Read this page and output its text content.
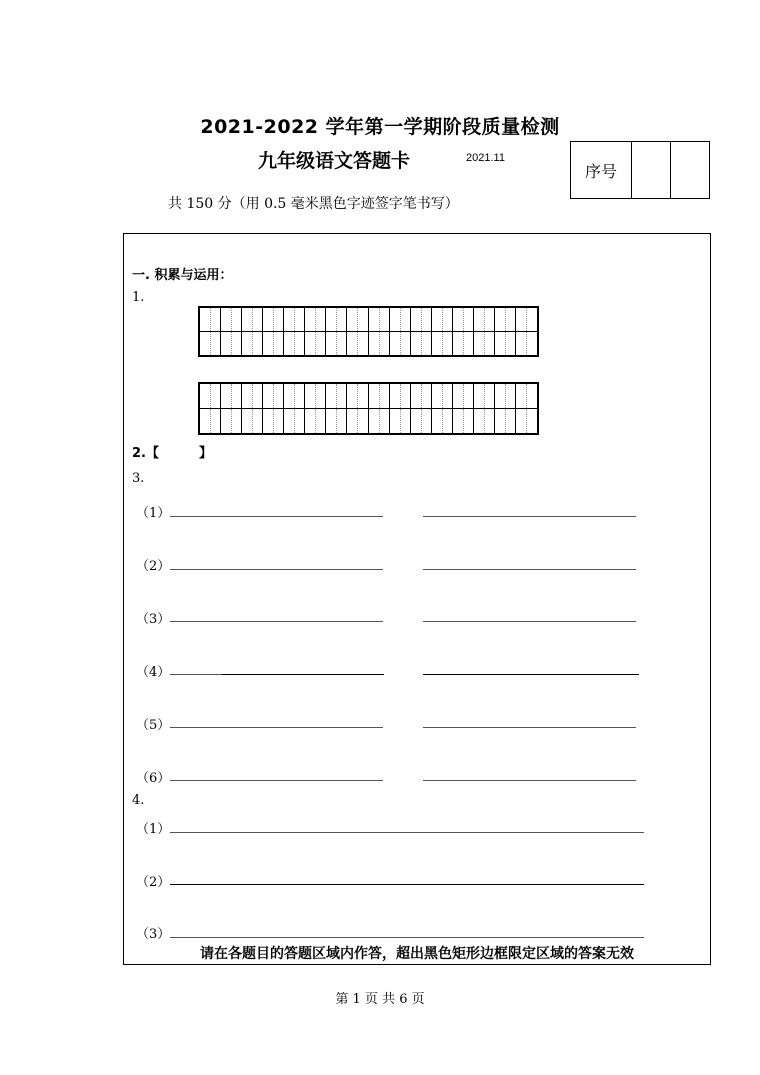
2021-2022 学年第一学期阶段质量检测
九年级语文答题卡	2021.11
序号
共 150 分（用 0.5 毫米黑色字迹签字笔书写）
一. 积累与运用：
1.
2.【	】
3.
（1）
（2）
（3）
（4）
（5）
（6）
4.
（1）
（2）
（3）
请在各题目的答题区域内作答，超出黑色矩形边框限定区域的答案无效
第 1 页 共 6 页
